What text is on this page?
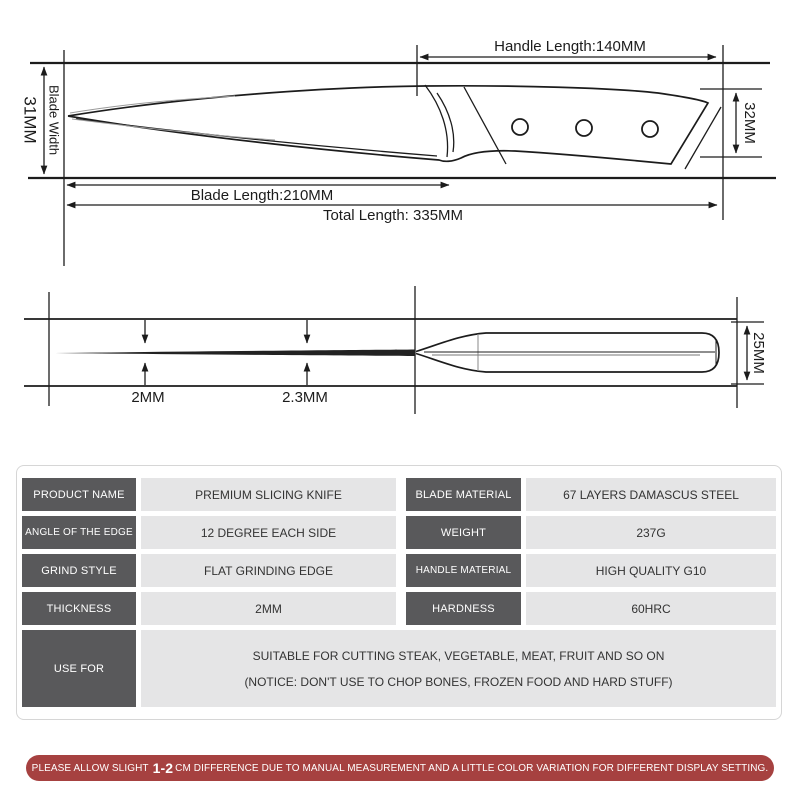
31MM Blade Width
Handle Length:140MM
32MM
Blade Length:210MM
Total Length: 335MM
2MM	2.3MM
25MM
PRODUCT NAME	PREMIUM SLICING KNIFE	BLADE MATERIAL	67 LAYERS DAMASCUS STEEL
ANGLE OF THE EDGE	12 DEGREE EACH SIDE	WEIGHT	237G
GRIND STYLE	FLAT GRINDING EDGE	HANDLE MATERIAL	HIGH QUALITY G10
THICKNESS	2MM	HARDNESS	60HRC
USE FOR
SUITABLE FOR CUTTING STEAK, VEGETABLE, MEAT, FRUIT AND SO ON
(NOTICE: DON'T USE TO CHOP BONES, FROZEN FOOD AND HARD STUFF)
PLEASE ALLOW SLIGHT 1-2 CM DIFFERENCE DUE TO MANUAL MEASUREMENT AND A LITTLE COLOR VARIATION FOR DIFFERENT DISPLAY SETTING.
